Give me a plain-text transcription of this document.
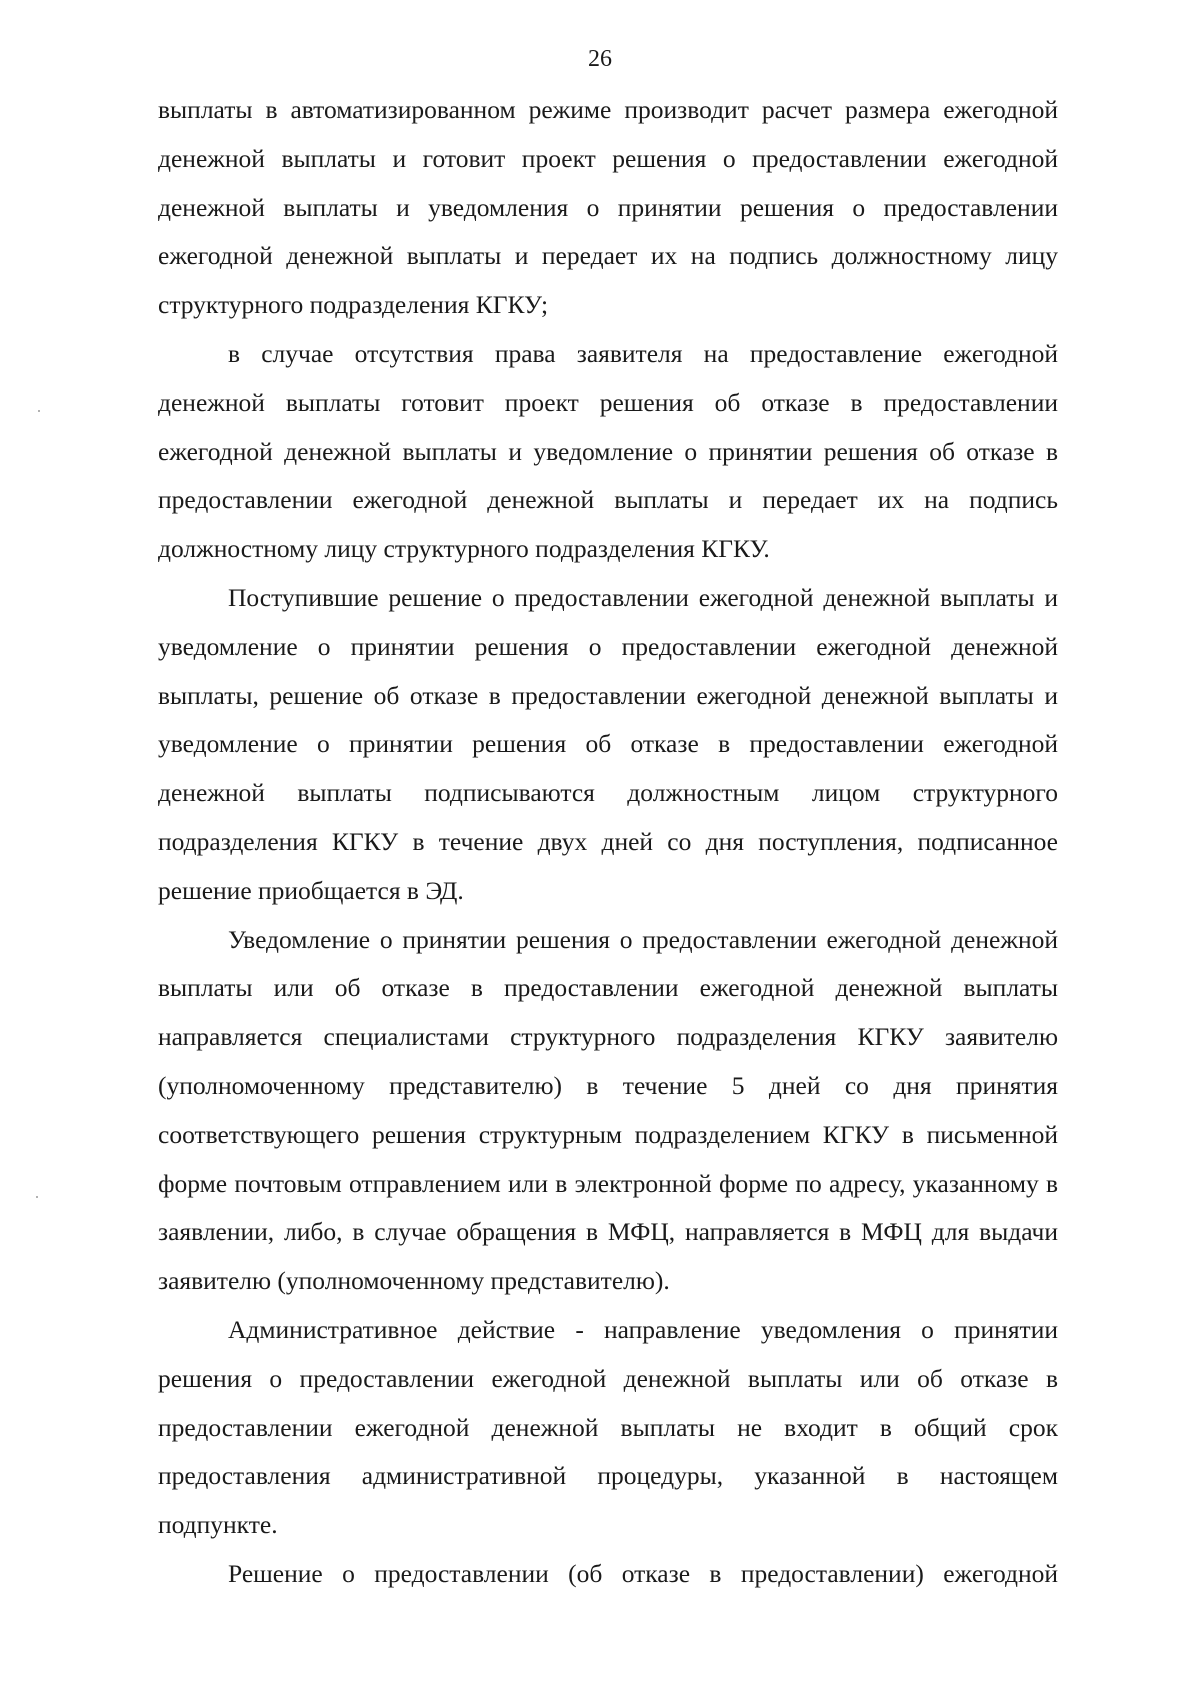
26

выплаты в автоматизированном режиме производит расчет размера ежегодной денежной выплаты и готовит проект решения о предоставлении ежегодной денежной выплаты и уведомления о принятии решения о предоставлении ежегодной денежной выплаты и передает их на подпись должностному лицу структурного подразделения КГКУ;

в случае отсутствия права заявителя на предоставление ежегодной денежной выплаты готовит проект решения об отказе в предоставлении ежегодной денежной выплаты и уведомление о принятии решения об отказе в предоставлении ежегодной денежной выплаты и передает их на подпись должностному лицу структурного подразделения КГКУ.

Поступившие решение о предоставлении ежегодной денежной выплаты и уведомление о принятии решения о предоставлении ежегодной денежной выплаты, решение об отказе в предоставлении ежегодной денежной выплаты и уведомление о принятии решения об отказе в предоставлении ежегодной денежной выплаты подписываются должностным лицом структурного подразделения КГКУ в течение двух дней со дня поступления, подписанное решение приобщается в ЭД.

Уведомление о принятии решения о предоставлении ежегодной денежной выплаты или об отказе в предоставлении ежегодной денежной выплаты направляется специалистами структурного подразделения КГКУ заявителю (уполномоченному представителю) в течение 5 дней со дня принятия соответствующего решения структурным подразделением КГКУ в письменной форме почтовым отправлением или в электронной форме по адресу, указанному в заявлении, либо, в случае обращения в МФЦ, направляется в МФЦ для выдачи заявителю (уполномоченному представителю).

Административное действие - направление уведомления о принятии решения о предоставлении ежегодной денежной выплаты или об отказе в предоставлении ежегодной денежной выплаты не входит в общий срок предоставления административной процедуры, указанной в настоящем подпункте.

Решение о предоставлении (об отказе в предоставлении) ежегодной
